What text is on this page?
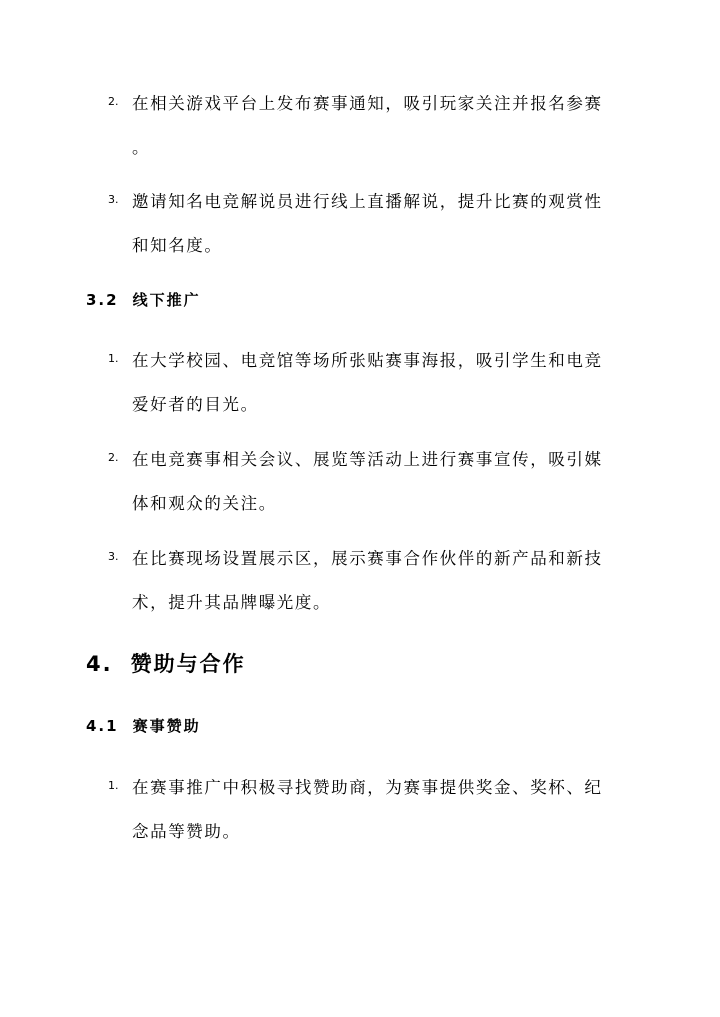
2. 在相关游戏平台上发布赛事通知，吸引玩家关注并报名参赛
。
3. 邀请知名电竞解说员进行线上直播解说，提升比赛的观赏性
和知名度。
3.2 线下推广
1. 在大学校园、电竞馆等场所张贴赛事海报，吸引学生和电竞
爱好者的目光。
2. 在电竞赛事相关会议、展览等活动上进行赛事宣传，吸引媒
体和观众的关注。
3. 在比赛现场设置展示区，展示赛事合作伙伴的新产品和新技
术，提升其品牌曝光度。
4. 赞助与合作
4.1 赛事赞助
1. 在赛事推广中积极寻找赞助商，为赛事提供奖金、奖杯、纪
念品等赞助。
